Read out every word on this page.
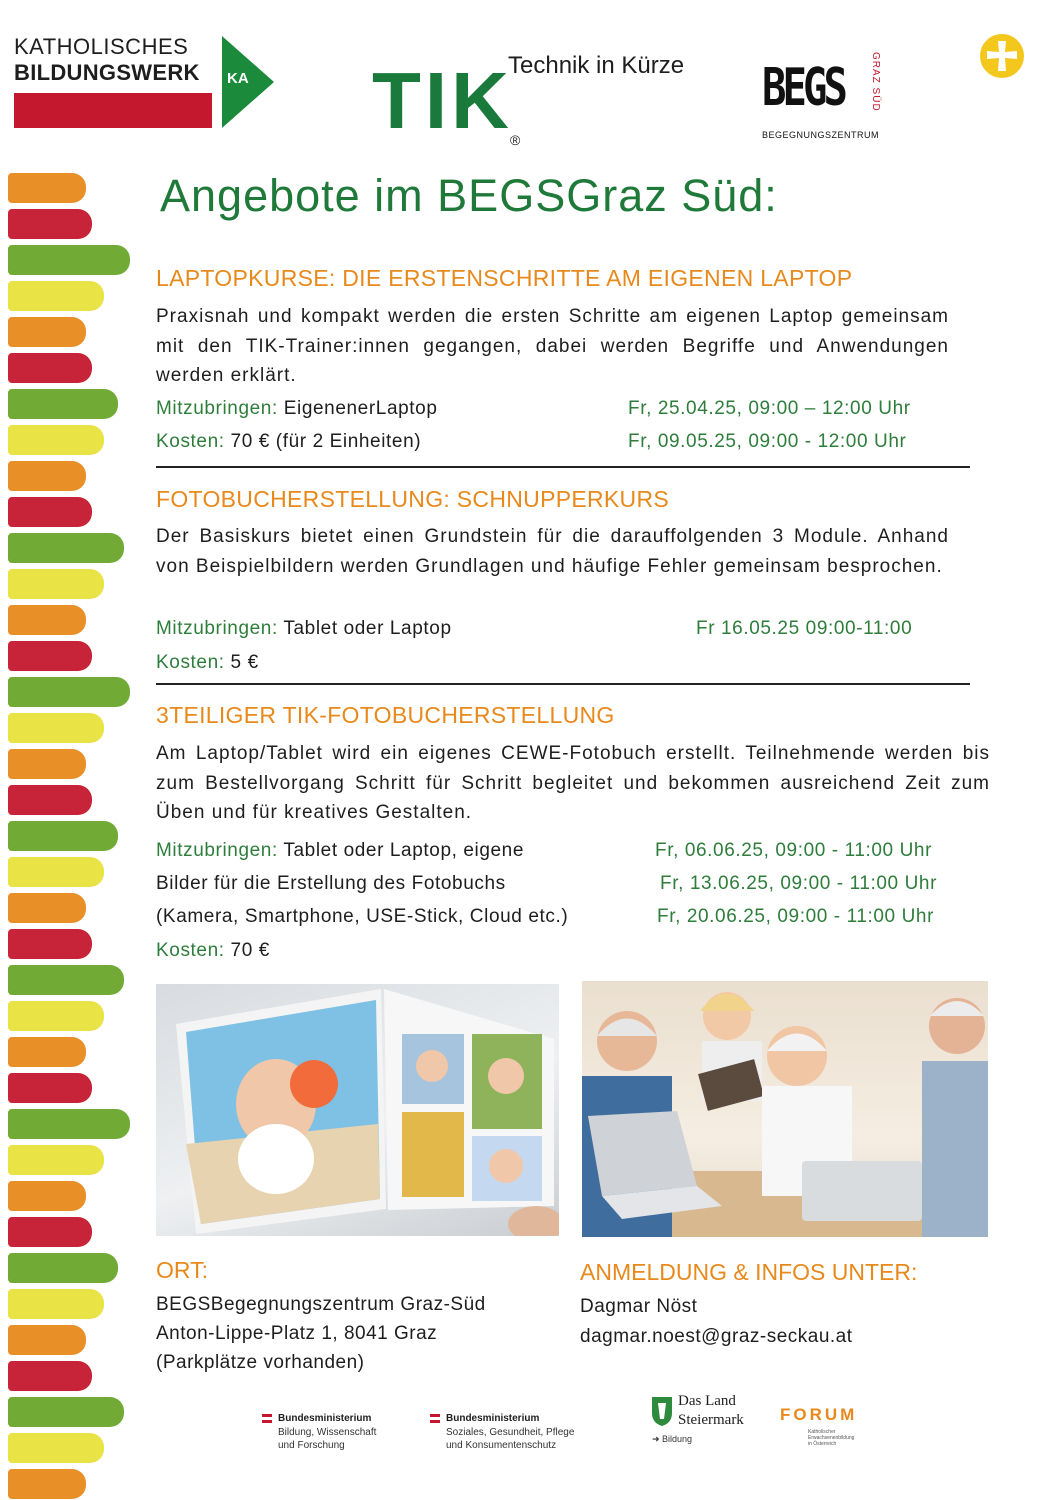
KATHOLISCHES
BILDUNGSWERK KA TIK
®
Technik in Kürze BEGS	GRAZ SÜD
BEGEGNUNGSZENTRUM
Angebote im BEGSGraz Süd:
LAPTOPKURSE: DIE ERSTENSCHRITTE AM EIGENEN LAPTOP
Praxisnah und kompakt werden die ersten Schritte am eigenen Laptop gemeinsam mit den TIK-Trainer:innen gegangen, dabei werden Begriffe und Anwendungen werden erklärt.
Mitzubringen: EigenenerLaptop
Kosten: 70 € (für 2 Einheiten)
Fr, 25.04.25, 09:00 – 12:00 Uhr
Fr, 09.05.25, 09:00 - 12:00 Uhr
FOTOBUCHERSTELLUNG: SCHNUPPERKURS
Der Basiskurs bietet einen Grundstein für die darauffolgenden 3 Module. Anhand von Beispielbildern werden Grundlagen und häufige Fehler gemeinsam besprochen.
Mitzubringen: Tablet oder Laptop
Kosten: 5 €
Fr 16.05.25 09:00-11:00
3TEILIGER TIK-FOTOBUCHERSTELLUNG
Am Laptop/Tablet wird ein eigenes CEWE-Fotobuch erstellt. Teilnehmende werden bis zum Bestellvorgang Schritt für Schritt begleitet und bekommen ausreichend Zeit zum Üben und für kreatives Gestalten.
Mitzubringen: Tablet oder Laptop, eigene
Bilder für die Erstellung des Fotobuchs
(Kamera, Smartphone, USE-Stick, Cloud etc.)
Kosten: 70 €
Fr, 06.06.25, 09:00 - 11:00 Uhr
Fr, 13.06.25, 09:00 - 11:00 Uhr
Fr, 20.06.25, 09:00 - 11:00 Uhr
ORT:
BEGSBegegnungszentrum Graz-Süd
Anton-Lippe-Platz 1, 8041 Graz
(Parkplätze vorhanden)
ANMELDUNG & INFOS UNTER:
Dagmar Nöst
dagmar.noest@graz-seckau.at
Bundesministerium
Bildung, Wissenschaft
und Forschung
Bundesministerium
Soziales, Gesundheit, Pflege
und Konsumentenschutz
Das Land
Steiermark
➜ Bildung
FORUM
Katholischer
Erwachsenenbildung
in Österreich
